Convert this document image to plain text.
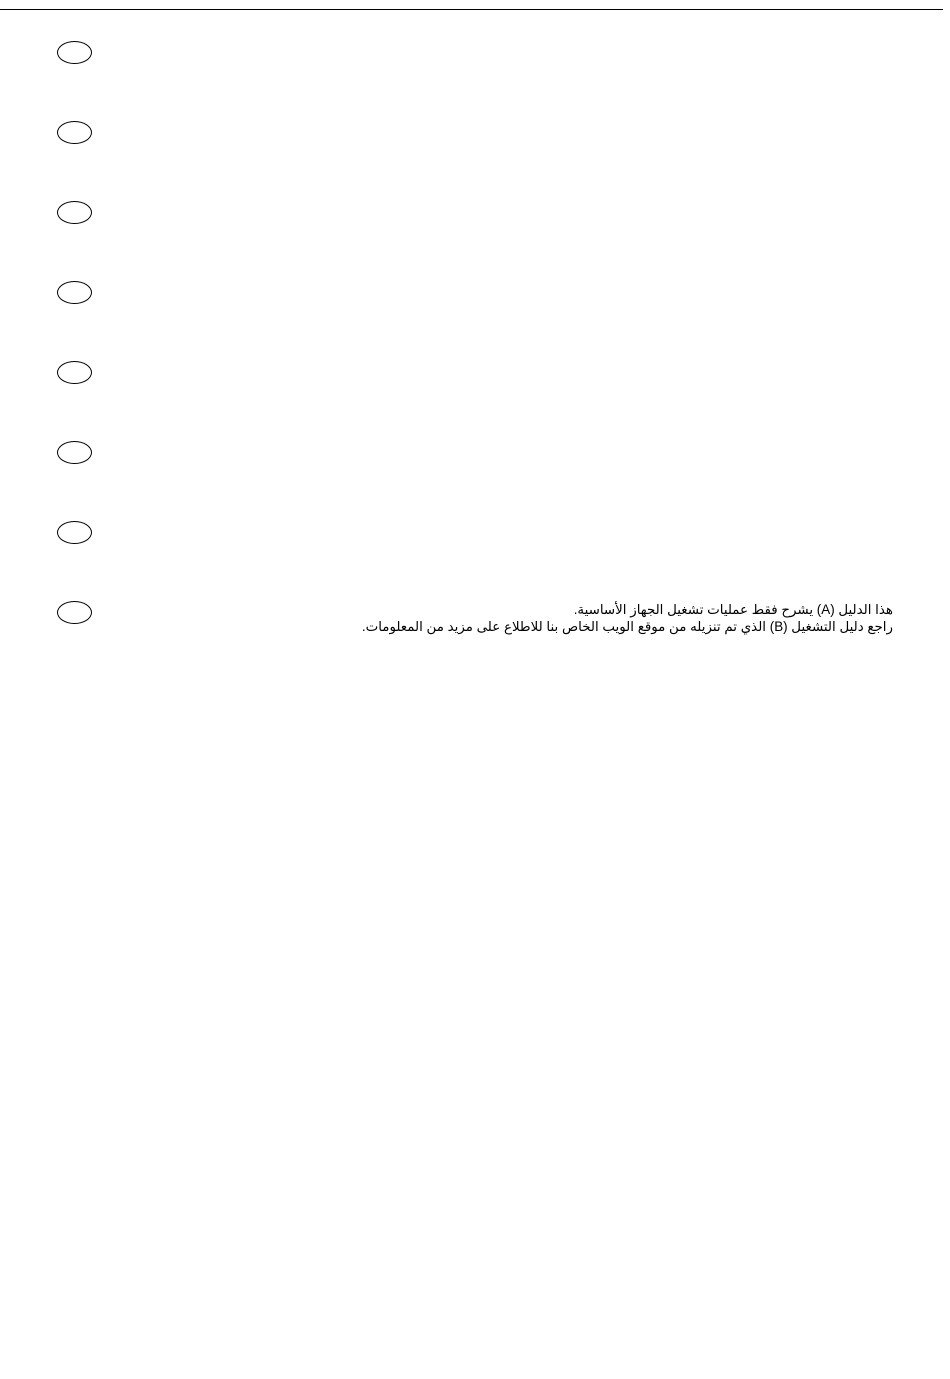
هذا الدليل (A) يشرح فقط عمليات تشغيل الجهاز الأساسية.
راجع دليل التشغيل (B) الذي تم تنزيله من موقع الويب الخاص بنا للاطلاع على مزيد من المعلومات.
